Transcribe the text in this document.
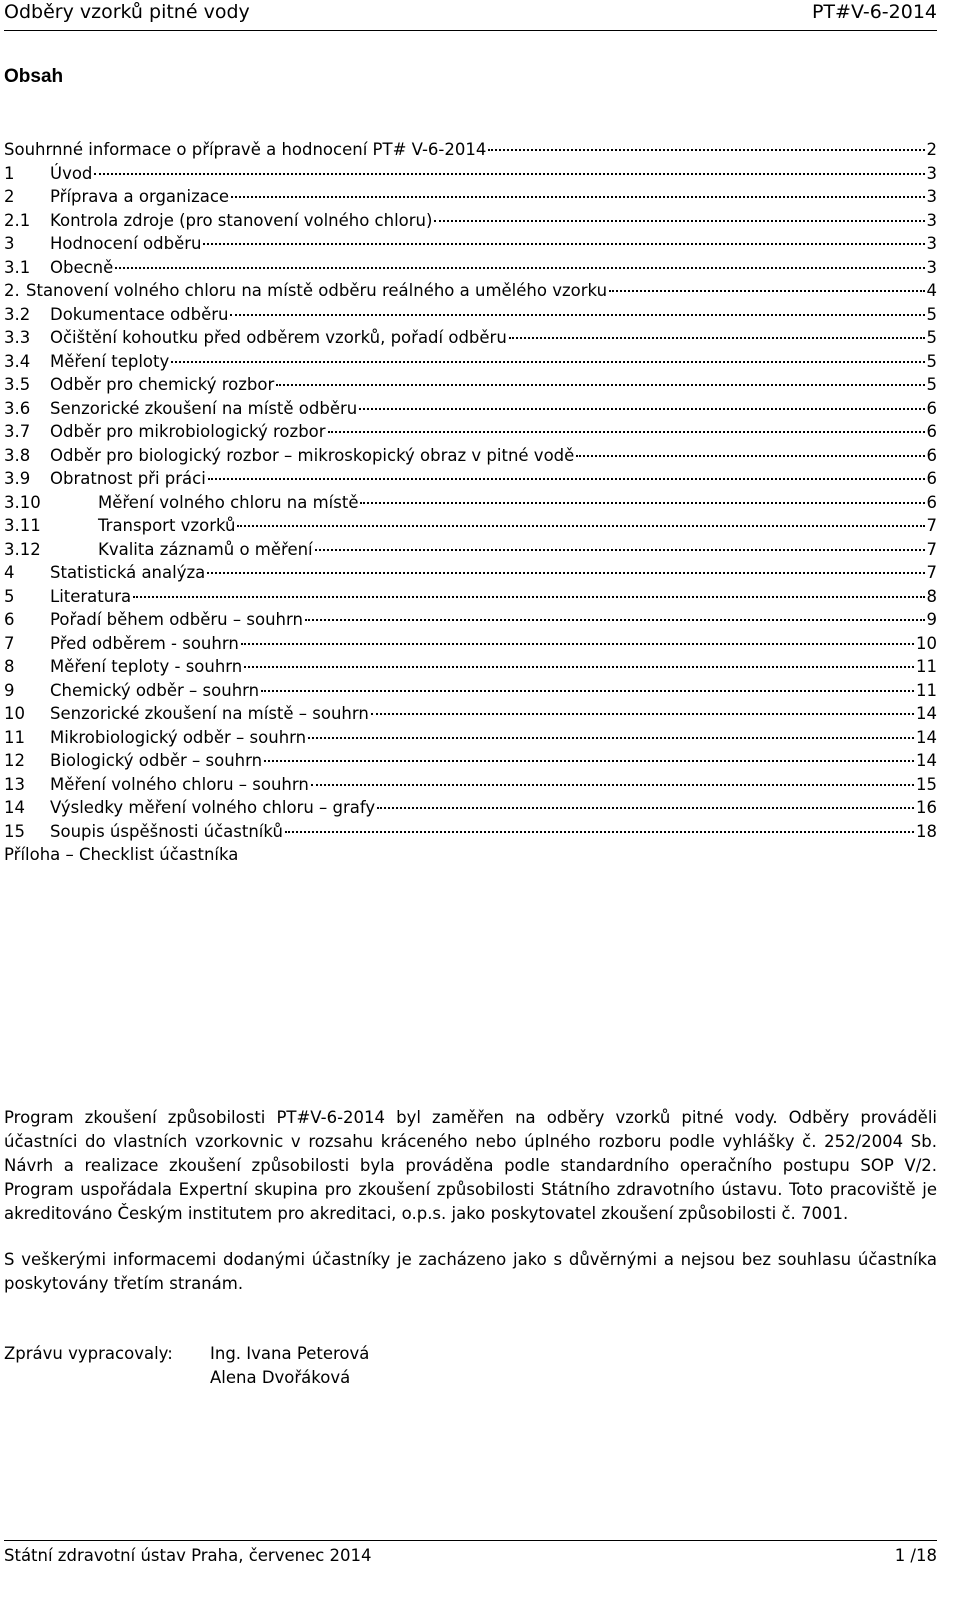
Odběry vzorků pitné vody	PT#V-6-2014
Obsah
Souhrnné informace o přípravě a hodnocení PT# V-6-2014	2
1	Úvod	3
2	Příprava a organizace	3
2.1	Kontrola zdroje (pro stanovení volného chloru)	3
3	Hodnocení odběru	3
3.1	Obecně	3
2. Stanovení volného chloru na místě odběru reálného a umělého vzorku	4
3.2	Dokumentace odběru	5
3.3	Očištění kohoutku před odběrem vzorků, pořadí odběru	5
3.4	Měření teploty	5
3.5	Odběr pro chemický rozbor	5
3.6	Senzorické zkoušení na místě odběru	6
3.7	Odběr pro mikrobiologický rozbor	6
3.8	Odběr pro biologický rozbor – mikroskopický obraz v pitné vodě	6
3.9	Obratnost při práci	6
3.10	Měření volného chloru na místě	6
3.11	Transport vzorků	7
3.12	Kvalita záznamů o měření	7
4	Statistická analýza	7
5	Literatura	8
6	Pořadí během odběru – souhrn	9
7	Před odběrem - souhrn	10
8	Měření teploty - souhrn	11
9	Chemický odběr – souhrn	11
10	Senzorické zkoušení na místě – souhrn	14
11	Mikrobiologický odběr – souhrn	14
12	Biologický odběr – souhrn	14
13	Měření volného chloru – souhrn	15
14	Výsledky měření volného chloru – grafy	16
15	Soupis úspěšnosti účastníků	18
Příloha – Checklist účastníka
Program zkoušení způsobilosti PT#V-6-2014 byl zaměřen na odběry vzorků pitné vody. Odběry prováděli účastníci do vlastních vzorkovnic v rozsahu kráceného nebo úplného rozboru podle vyhlášky č. 252/2004 Sb. Návrh a realizace zkoušení způsobilosti byla prováděna podle standardního operačního postupu SOP V/2. Program uspořádala Expertní skupina pro zkoušení způsobilosti Státního zdravotního ústavu. Toto pracoviště je akreditováno Českým institutem pro akreditaci, o.p.s. jako poskytovatel zkoušení způsobilosti č. 7001.
S veškerými informacemi dodanými účastníky je zacházeno jako s důvěrnými a nejsou bez souhlasu účastníka poskytovány třetím stranám.
Zprávu vypracovaly:	Ing. Ivana Peterová
Alena Dvořáková
Státní zdravotní ústav Praha, červenec 2014	1 /18
